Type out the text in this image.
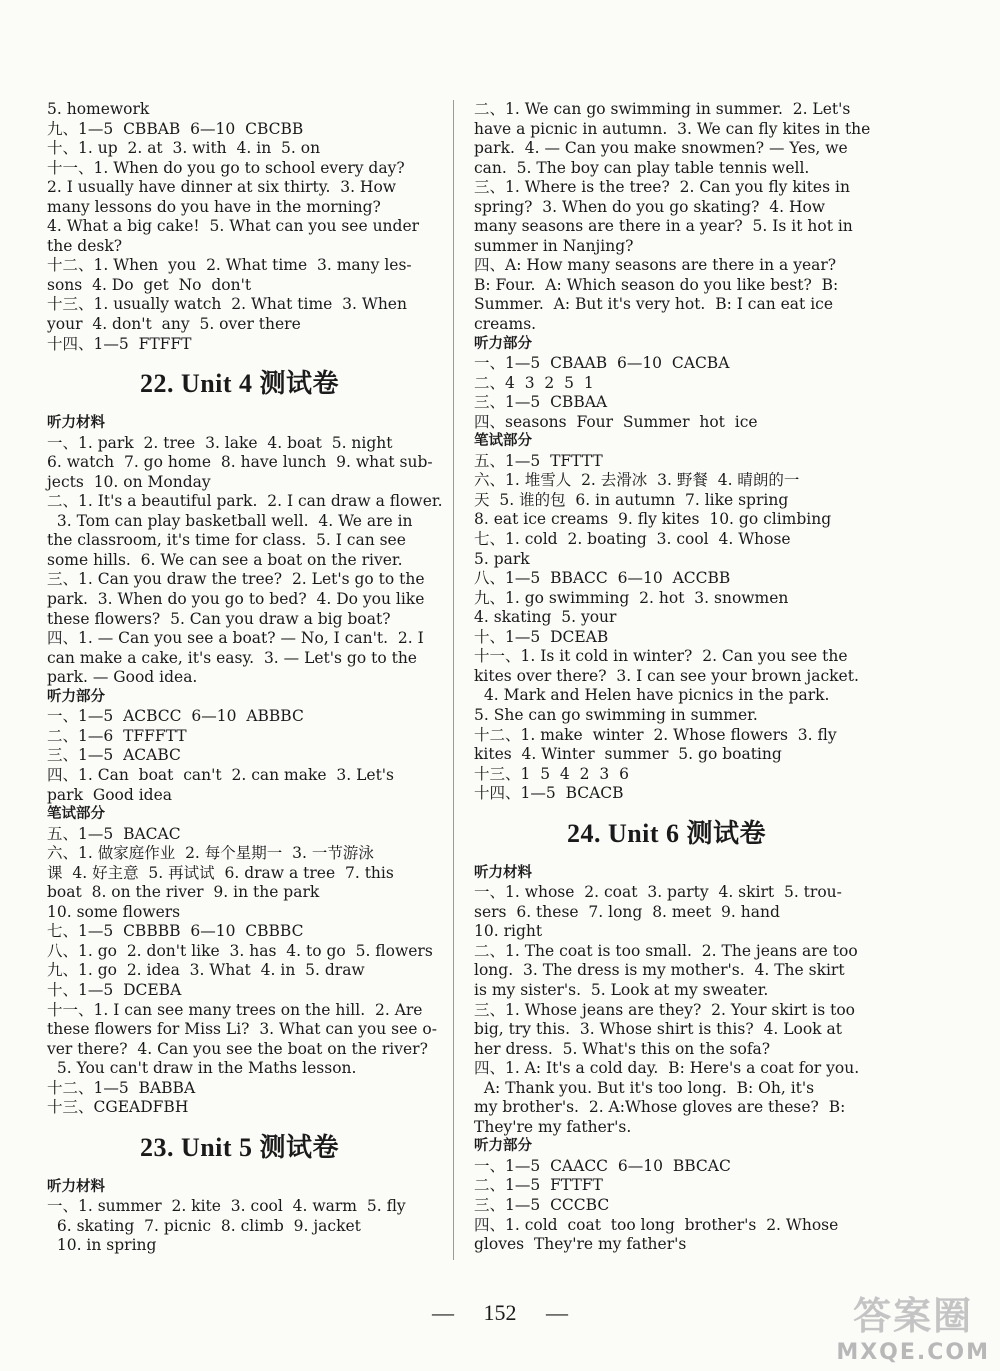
5. homework
九、1—5  CBBAB  6—10  CBCBB
十、1. up  2. at  3. with  4. in  5. on
十一、1. When do you go to school every day?
2. I usually have dinner at six thirty.  3. How
many lessons do you have in the morning?
4. What a big cake!  5. What can you see under
the desk?
十二、1. When  you  2. What time  3. many les-
sons  4. Do  get  No  don't
十三、1. usually watch  2. What time  3. When
your  4. don't  any  5. over there
十四、1—5  FTFFT
22. Unit 4 测试卷
听力材料
一、1. park  2. tree  3. lake  4. boat  5. night
6. watch  7. go home  8. have lunch  9. what sub-
jects  10. on Monday
二、1. It's a beautiful park.  2. I can draw a flower.
3. Tom can play basketball well.  4. We are in
the classroom, it's time for class.  5. I can see
some hills.  6. We can see a boat on the river.
三、1. Can you draw the tree?  2. Let's go to the
park.  3. When do you go to bed?  4. Do you like
these flowers?  5. Can you draw a big boat?
四、1. — Can you see a boat? — No, I can't.  2. I
can make a cake, it's easy.  3. — Let's go to the
park. — Good idea.
听力部分
一、1—5  ACBCC  6—10  ABBBC
二、1—6  TFFFTT
三、1—5  ACABC
四、1. Can  boat  can't  2. can make  3. Let's
park  Good idea
笔试部分
五、1—5  BACAC
六、1. 做家庭作业  2. 每个星期一  3. 一节游泳
课  4. 好主意  5. 再试试  6. draw a tree  7. this
boat  8. on the river  9. in the park
10. some flowers
七、1—5  CBBBB  6—10  CBBBC
八、1. go  2. don't like  3. has  4. to go  5. flowers
九、1. go  2. idea  3. What  4. in  5. draw
十、1—5  DCEBA
十一、1. I can see many trees on the hill.  2. Are
these flowers for Miss Li?  3. What can you see o-
ver there?  4. Can you see the boat on the river?
5. You can't draw in the Maths lesson.
十二、1—5  BABBA
十三、CGEADFBH
23. Unit 5 测试卷
听力材料
一、1. summer  2. kite  3. cool  4. warm  5. fly
6. skating  7. picnic  8. climb  9. jacket
10. in spring
二、1. We can go swimming in summer.  2. Let's
have a picnic in autumn.  3. We can fly kites in the
park.  4. — Can you make snowmen? — Yes, we
can.  5. The boy can play table tennis well.
三、1. Where is the tree?  2. Can you fly kites in
spring?  3. When do you go skating?  4. How
many seasons are there in a year?  5. Is it hot in
summer in Nanjing?
四、A: How many seasons are there in a year?
B: Four.  A: Which season do you like best?  B:
Summer.  A: But it's very hot.  B: I can eat ice
creams.
听力部分
一、1—5  CBAAB  6—10  CACBA
二、4  3  2  5  1
三、1—5  CBBAA
四、seasons  Four  Summer  hot  ice
笔试部分
五、1—5  TFTTT
六、1. 堆雪人  2. 去滑冰  3. 野餐  4. 晴朗的一
天  5. 谁的包  6. in autumn  7. like spring
8. eat ice creams  9. fly kites  10. go climbing
七、1. cold  2. boating  3. cool  4. Whose
5. park
八、1—5  BBACC  6—10  ACCBB
九、1. go swimming  2. hot  3. snowmen
4. skating  5. your
十、1—5  DCEAB
十一、1. Is it cold in winter?  2. Can you see the
kites over there?  3. I can see your brown jacket.
4. Mark and Helen have picnics in the park.
5. She can go swimming in summer.
十二、1. make  winter  2. Whose flowers  3. fly
kites  4. Winter  summer  5. go boating
十三、1  5  4  2  3  6
十四、1—5  BCACB
24. Unit 6 测试卷
听力材料
一、1. whose  2. coat  3. party  4. skirt  5. trou-
sers  6. these  7. long  8. meet  9. hand
10. right
二、1. The coat is too small.  2. The jeans are too
long.  3. The dress is my mother's.  4. The skirt
is my sister's.  5. Look at my sweater.
三、1. Whose jeans are they?  2. Your skirt is too
big, try this.  3. Whose shirt is this?  4. Look at
her dress.  5. What's this on the sofa?
四、1. A: It's a cold day.  B: Here's a coat for you.
A: Thank you. But it's too long.  B: Oh, it's
my brother's.  2. A:Whose gloves are these?  B:
They're my father's.
听力部分
一、1—5  CAACC  6—10  BBCAC
二、1—5  FTTFT
三、1—5  CCCBC
四、1. cold  coat  too long  brother's  2. Whose
gloves  They're my father's
— 152 —	答案圈
MXQE.COM
